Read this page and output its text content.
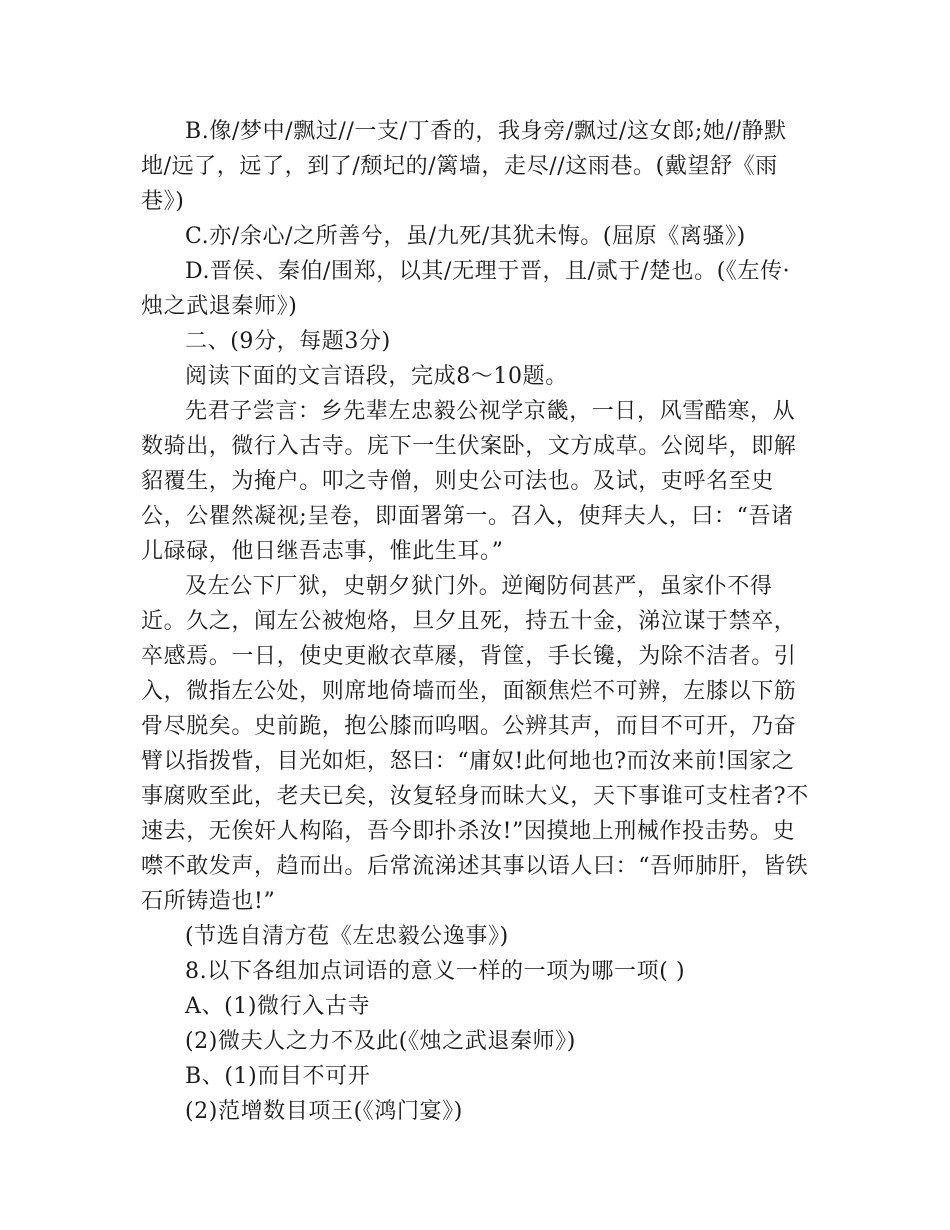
B.像/梦中/飘过//一支/丁香的，我身旁/飘过/这女郎;她//静默地/远了，远了，到了/颓圮的/篱墙，走尽//这雨巷。(戴望舒《雨巷》)

C.亦/余心/之所善兮，虽/九死/其犹未悔。(屈原《离骚》)

D.晋侯、秦伯/围郑，以其/无理于晋，且/贰于/楚也。(《左传·烛之武退秦师》)

二、(9分，每题3分)

阅读下面的文言语段，完成8～10题。

先君子尝言：乡先辈左忠毅公视学京畿，一日，风雪酷寒，从数骑出，微行入古寺。庑下一生伏案卧，文方成草。公阅毕，即解貂覆生，为掩户。叩之寺僧，则史公可法也。及试，吏呼名至史公，公瞿然凝视;呈卷，即面署第一。召入，使拜夫人，曰：“吾诸儿碌碌，他日继吾志事，惟此生耳。”

及左公下厂狱，史朝夕狱门外。逆阉防伺甚严，虽家仆不得近。久之，闻左公被炮烙，旦夕且死，持五十金，涕泣谋于禁卒，卒感焉。一日，使史更敝衣草屦，背筐，手长镵，为除不洁者。引入，微指左公处，则席地倚墙而坐，面额焦烂不可辨，左膝以下筋骨尽脱矣。史前跪，抱公膝而呜咽。公辨其声，而目不可开，乃奋臂以指拨眥，目光如炬，怒曰：“庸奴!此何地也?而汝来前!国家之事腐败至此，老夫已矣，汝复轻身而昧大义，天下事谁可支柱者?不速去，无俟奸人构陷，吾今即扑杀汝!”因摸地上刑械作投击势。史噤不敢发声，趋而出。后常流涕述其事以语人曰：“吾师肺肝，皆铁石所铸造也!”

(节选自清方苞《左忠毅公逸事》)

8.以下各组加点词语的意义一样的一项为哪一项( )

A、(1)微行入古寺

(2)微夫人之力不及此(《烛之武退秦师》)

B、(1)而目不可开

(2)范增数目项王(《鸿门宴》)
